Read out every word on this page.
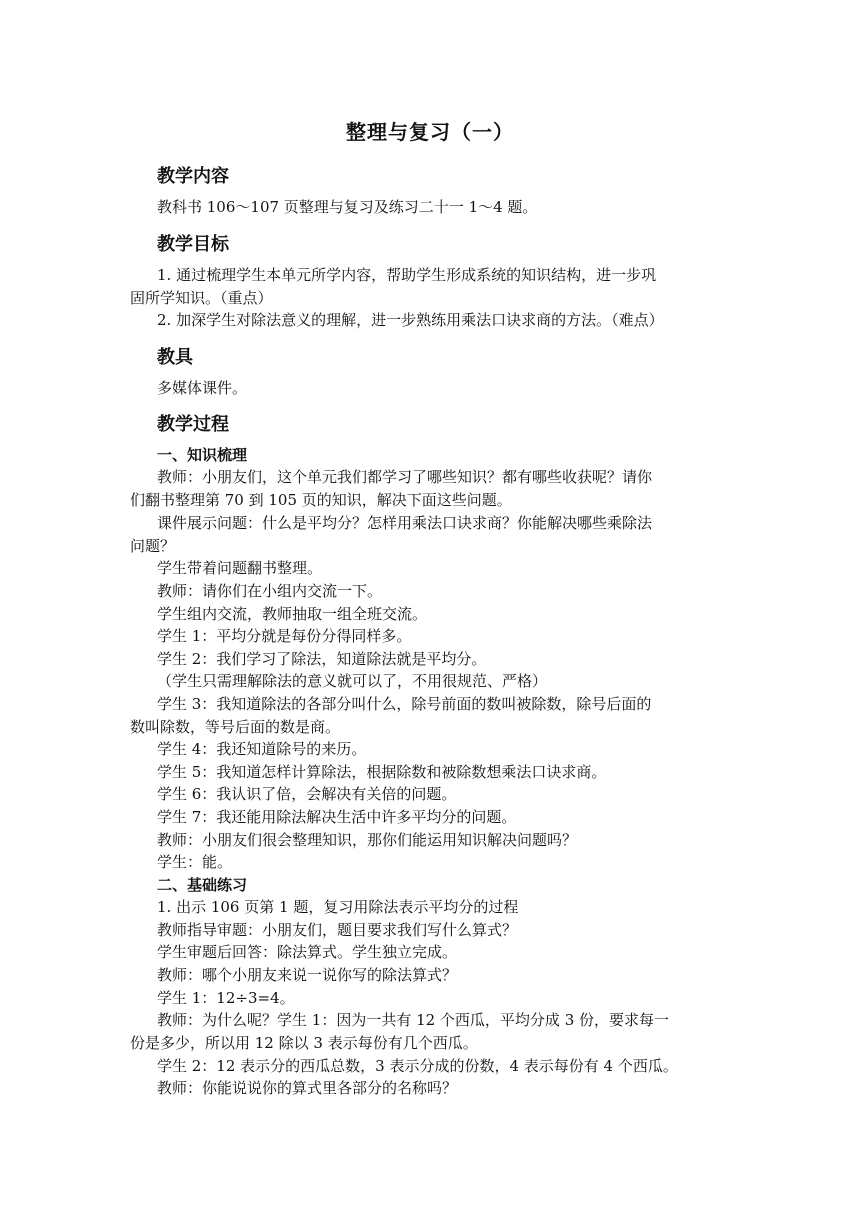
整理与复习（一）
教学内容
教科书 106～107 页整理与复习及练习二十一 1～4 题。
教学目标
1. 通过梳理学生本单元所学内容，帮助学生形成系统的知识结构，进一步巩
固所学知识。（重点）
2. 加深学生对除法意义的理解，进一步熟练用乘法口诀求商的方法。（难点）
教具
多媒体课件。
教学过程
一、知识梳理
教师：小朋友们，这个单元我们都学习了哪些知识？都有哪些收获呢？请你
们翻书整理第 70 到 105 页的知识，解决下面这些问题。
课件展示问题：什么是平均分？怎样用乘法口诀求商？你能解决哪些乘除法
问题？
学生带着问题翻书整理。
教师：请你们在小组内交流一下。
学生组内交流，教师抽取一组全班交流。
学生 1：平均分就是每份分得同样多。
学生 2：我们学习了除法，知道除法就是平均分。
（学生只需理解除法的意义就可以了，不用很规范、严格）
学生 3：我知道除法的各部分叫什么，除号前面的数叫被除数，除号后面的
数叫除数，等号后面的数是商。
学生 4：我还知道除号的来历。
学生 5：我知道怎样计算除法，根据除数和被除数想乘法口诀求商。
学生 6：我认识了倍，会解决有关倍的问题。
学生 7：我还能用除法解决生活中许多平均分的问题。
教师：小朋友们很会整理知识，那你们能运用知识解决问题吗？
学生：能。
二、基础练习
1. 出示 106 页第 1 题，复习用除法表示平均分的过程
教师指导审题：小朋友们，题目要求我们写什么算式？
学生审题后回答：除法算式。学生独立完成。
教师：哪个小朋友来说一说你写的除法算式？
学生 1：12÷3=4。
教师：为什么呢？学生 1：因为一共有 12 个西瓜，平均分成 3 份，要求每一
份是多少，所以用 12 除以 3 表示每份有几个西瓜。
学生 2：12 表示分的西瓜总数，3 表示分成的份数，4 表示每份有 4 个西瓜。
教师：你能说说你的算式里各部分的名称吗？
